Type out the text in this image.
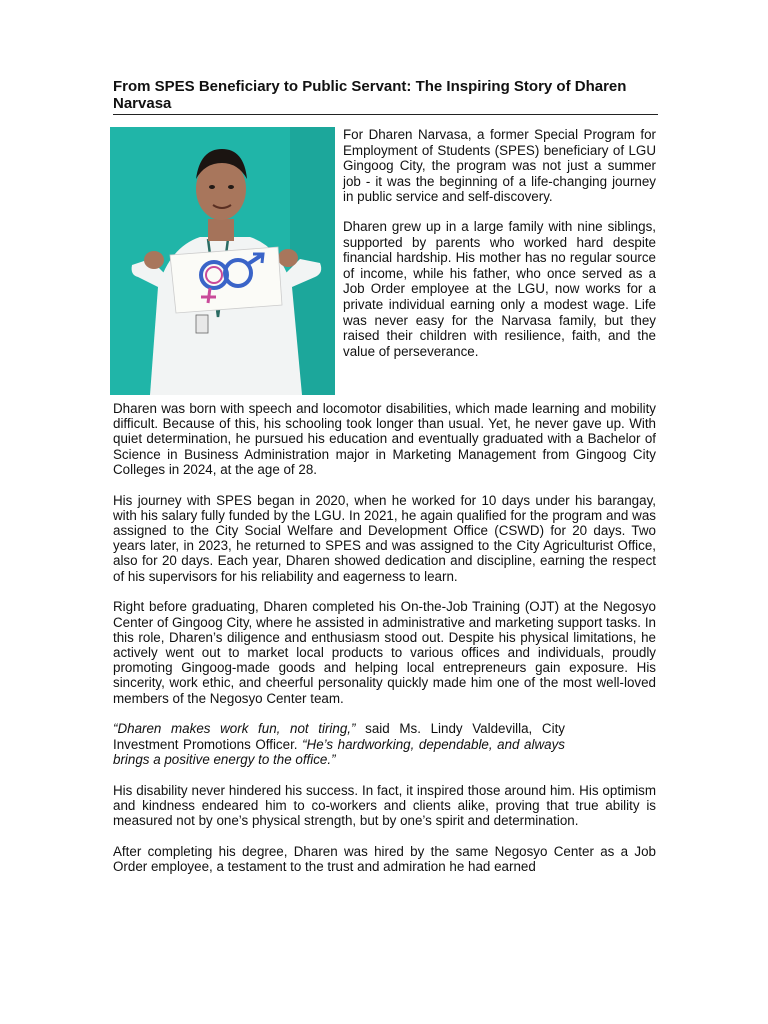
From SPES Beneficiary to Public Servant: The Inspiring Story of Dharen Narvasa

For Dharen Narvasa, a former Special Program for Employment of Students (SPES) beneficiary of LGU Gingoog City, the program was not just a summer job - it was the beginning of a life-changing journey in public service and self-discovery.

Dharen grew up in a large family with nine siblings, supported by parents who worked hard despite financial hardship. His mother has no regular source of income, while his father, who once served as a Job Order employee at the LGU, now works for a private individual earning only a modest wage. Life was never easy for the Narvasa family, but they raised their children with resilience, faith, and the value of perseverance.

Dharen was born with speech and locomotor disabilities, which made learning and mobility difficult. Because of this, his schooling took longer than usual. Yet, he never gave up. With quiet determination, he pursued his education and eventually graduated with a Bachelor of Science in Business Administration major in Marketing Management from Gingoog City Colleges in 2024, at the age of 28.

His journey with SPES began in 2020, when he worked for 10 days under his barangay, with his salary fully funded by the LGU. In 2021, he again qualified for the program and was assigned to the City Social Welfare and Development Office (CSWD) for 20 days. Two years later, in 2023, he returned to SPES and was assigned to the City Agriculturist Office, also for 20 days. Each year, Dharen showed dedication and discipline, earning the respect of his supervisors for his reliability and eagerness to learn.

Right before graduating, Dharen completed his On-the-Job Training (OJT) at the Negosyo Center of Gingoog City, where he assisted in administrative and marketing support tasks. In this role, Dharen’s diligence and enthusiasm stood out. Despite his physical limitations, he actively went out to market local products to various offices and individuals, proudly promoting Gingoog-made goods and helping local entrepreneurs gain exposure. His sincerity, work ethic, and cheerful personality quickly made him one of the most well-loved members of the Negosyo Center team.

“Dharen makes work fun, not tiring,” said Ms. Lindy Valdevilla, City Investment Promotions Officer. “He’s hardworking, dependable, and always brings a positive energy to the office.”

His disability never hindered his success. In fact, it inspired those around him. His optimism and kindness endeared him to co-workers and clients alike, proving that true ability is measured not by one’s physical strength, but by one’s spirit and determination.

After completing his degree, Dharen was hired by the same Negosyo Center as a Job Order employee, a testament to the trust and admiration he had earned
